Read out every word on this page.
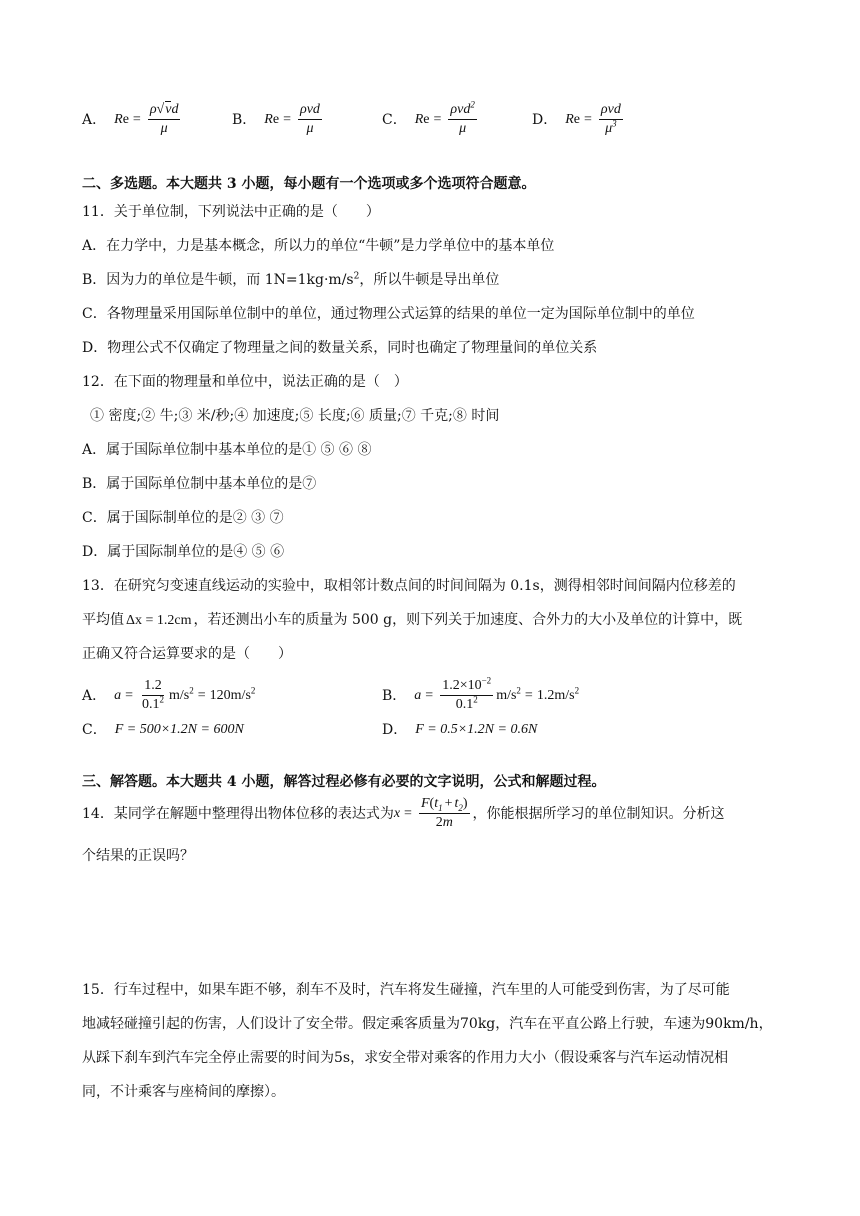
A． R $e = \frac{\rho√vd}{\mu}$	B． R $e = \frac{\text{ρvd}}{\mu}$	C． R $e = \frac{\rho vd^2}{\mu}$	D． R $e = \frac{\text{ρvd}}{\mu^3}$
二、多选题。本大题共 3 小题，每小题有一个选项或多个选项符合题意。
11．关于单位制，下列说法中正确的是（　　）
A．在力学中，力是基本概念，所以力的单位“牛顿”是力学单位中的基本单位
B．因为力的单位是牛顿，而 $1N=1kg\cdot m/s^2$，所以牛顿是导出单位
C．各物理量采用国际单位制中的单位，通过物理公式运算的结果的单位一定为国际单位制中的单位
D．物理公式不仅确定了物理量之间的数量关系，同时也确定了物理量间的单位关系
12．在下面的物理量和单位中，说法正确的是（　）
① 密度;② 牛;③ 米/秒;④ 加速度;⑤ 长度;⑥ 质量;⑦ 千克;⑧ 时间
A．属于国际单位制中基本单位的是① ⑤ ⑥ ⑧
B．属于国际单位制中基本单位的是⑦
C．属于国际制单位的是② ③ ⑦
D．属于国际制单位的是④ ⑤ ⑥
13．在研究匀变速直线运动的实验中，取相邻计数点间的时间间隔为 0.1s，测得相邻时间间隔内位移差的
平均值 Δx = 1.2cm ，若还测出小车的质量为 500 g，则下列关于加速度、合外力的大小及单位的计算中，既
正确又符合运算要求的是（　　）
A． $a = \frac{1.2}{0.1^2} m/s^2 = 120m/s^2$	B． $a = \frac{1.2\times 10^{-2}}{0.1^2} m/s^2 = 1.2m/s^2$
C． F = 500×1.2N = 600N	D． F = 0.5×1.2N = 0.6N
三、解答题。本大题共 4 小题，解答过程必修有必要的文字说明，公式和解题过程。
14．某同学在解题中整理得出物体位移的表达式为 $x = \frac{F(t_1 + t_2)}{2m}$ ，你能根据所学习的单位制知识。分析这
个结果的正误吗？
15．行车过程中，如果车距不够，刹车不及时，汽车将发生碰撞，汽车里的人可能受到伤害，为了尽可能
地减轻碰撞引起的伤害，人们设计了安全带。假定乘客质量为70kg，汽车在平直公路上行驶，车速为90km/h，
从踩下刹车到汽车完全停止需要的时间为5s，求安全带对乘客的作用力大小（假设乘客与汽车运动情况相
同，不计乘客与座椅间的摩擦）。
